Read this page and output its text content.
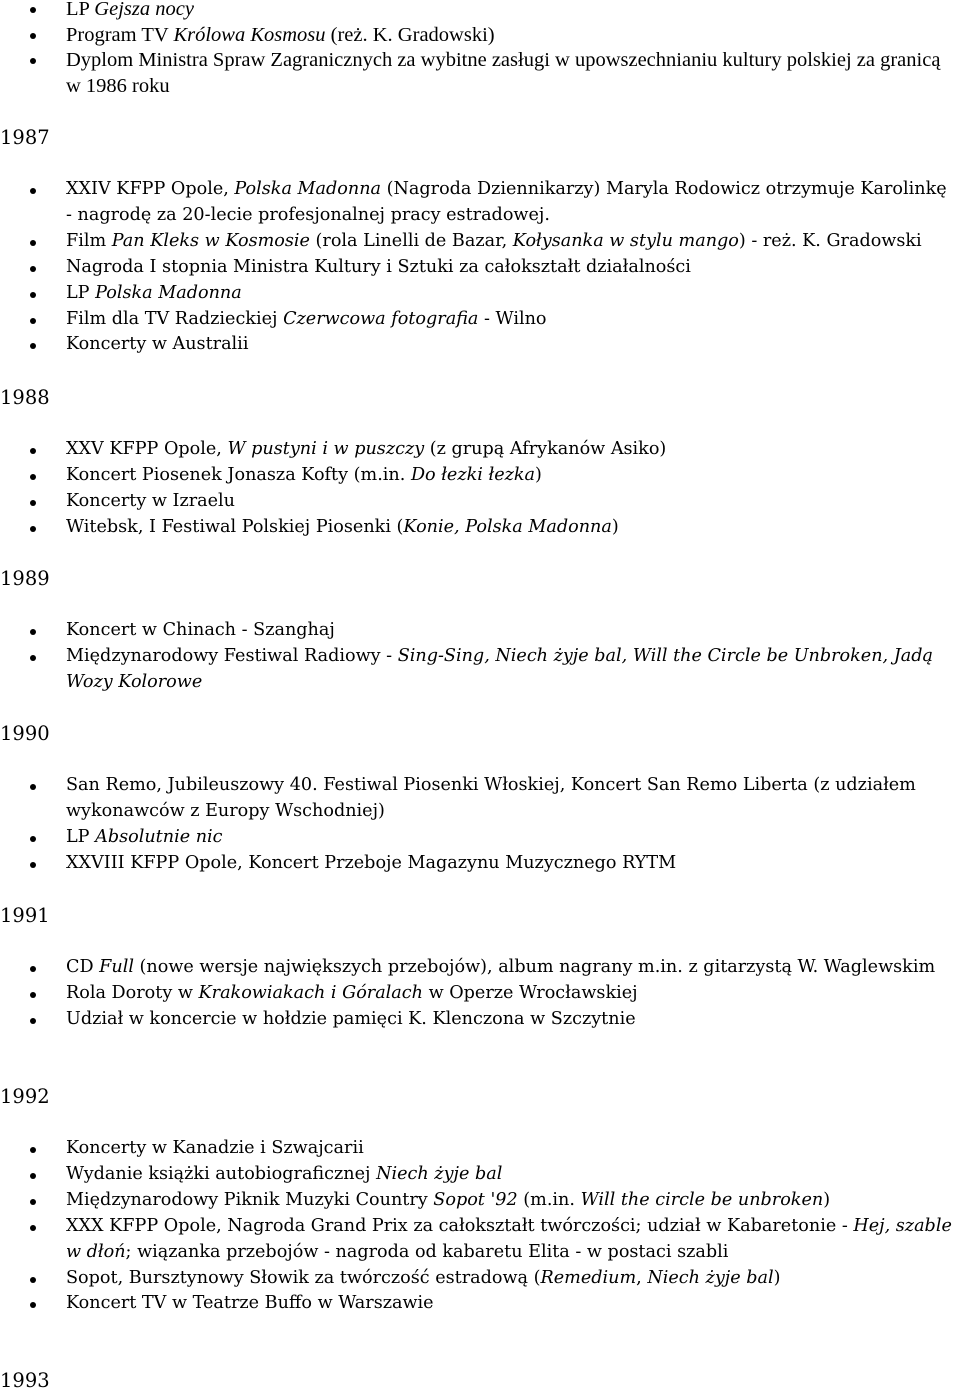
LP Gejsza nocy
Program TV Królowa Kosmosu (reż. K. Gradowski)
Dyplom Ministra Spraw Zagranicznych za wybitne zasługi w upowszechnianiu kultury polskiej za granicą w 1986 roku
1987
XXIV KFPP Opole, Polska Madonna (Nagroda Dziennikarzy) Maryla Rodowicz otrzymuje Karolinkę - nagrodę za 20-lecie profesjonalnej pracy estradowej.
Film Pan Kleks w Kosmosie (rola Linelli de Bazar, Kołysanka w stylu mango) - reż. K. Gradowski
Nagroda I stopnia Ministra Kultury i Sztuki za całokształt działalności
LP Polska Madonna
Film dla TV Radzieckiej Czerwcowa fotografia - Wilno
Koncerty w Australii
1988
XXV KFPP Opole, W pustyni i w puszczy (z grupą Afrykanów Asiko)
Koncert Piosenek Jonasza Kofty (m.in. Do łezki łezka)
Koncerty w Izraelu
Witebsk, I Festiwal Polskiej Piosenki (Konie, Polska Madonna)
1989
Koncert w Chinach - Szanghaj
Międzynarodowy Festiwal Radiowy - Sing-Sing, Niech żyje bal, Will the Circle be Unbroken, Jadą Wozy Kolorowe
1990
San Remo, Jubileuszowy 40. Festiwal Piosenki Włoskiej, Koncert San Remo Liberta (z udziałem wykonawców z Europy Wschodniej)
LP Absolutnie nic
XXVIII KFPP Opole, Koncert Przeboje Magazynu Muzycznego RYTM
1991
CD Full (nowe wersje największych przebojów), album nagrany m.in. z gitarzystą W. Waglewskim
Rola Doroty w Krakowiakach i Góralach w Operze Wrocławskiej
Udział w koncercie w hołdzie pamięci K. Klenczona w Szczytnie
1992
Koncerty w Kanadzie i Szwajcarii
Wydanie książki autobiograficznej Niech żyje bal
Międzynarodowy Piknik Muzyki Country Sopot '92 (m.in. Will the circle be unbroken)
XXX KFPP Opole, Nagroda Grand Prix za całokształt twórczości; udział w Kabaretonie - Hej, szable
w dłoń; wiązanka przebojów - nagroda od kabaretu Elita - w postaci szabli
Sopot, Bursztynowy Słowik za twórczość estradową (Remedium, Niech żyje bal)
Koncert TV w Teatrze Buffo w Warszawie
1993
